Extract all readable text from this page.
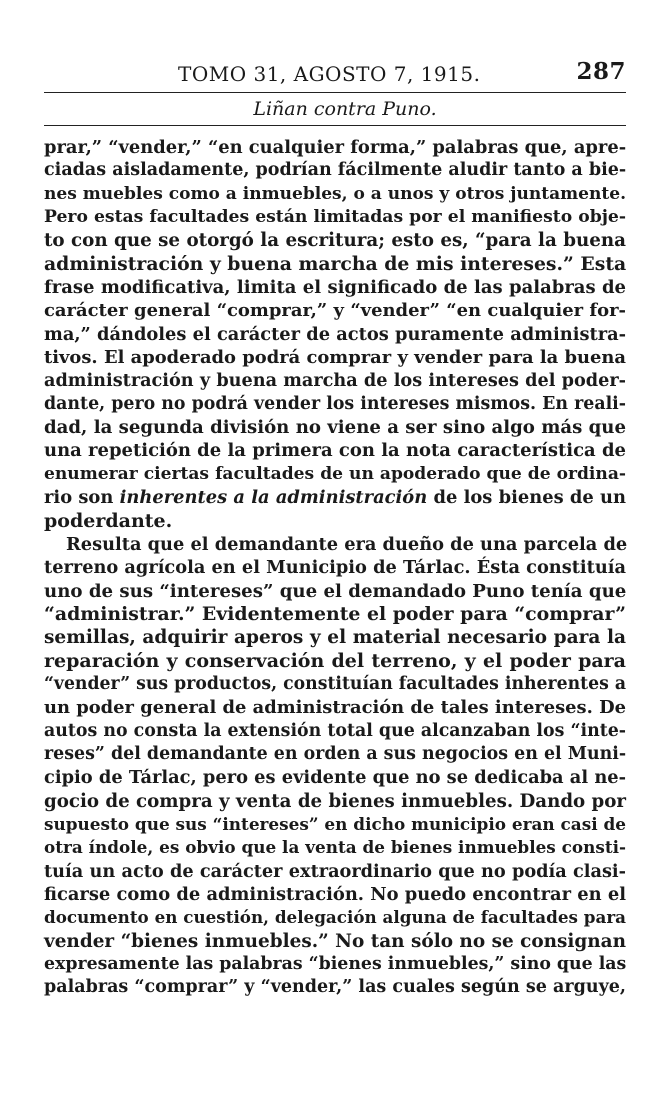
TOMO 31, AGOSTO 7, 1915.	287
Liñan contra Puno.
prar,” “vender,” “en cualquier forma,” palabras que, apre-
ciadas aisladamente, podrían fácilmente aludir tanto a bie-
nes muebles como a inmuebles, o a unos y otros juntamente.
Pero estas facultades están limitadas por el manifiesto obje-
to con que se otorgó la escritura; esto es, “para la buena
administración y buena marcha de mis intereses.” Esta
frase modificativa, limita el significado de las palabras de
carácter general “comprar,” y “vender” “en cualquier for-
ma,” dándoles el carácter de actos puramente administra-
tivos. El apoderado podrá comprar y vender para la buena
administración y buena marcha de los intereses del poder-
dante, pero no podrá vender los intereses mismos. En reali-
dad, la segunda división no viene a ser sino algo más que
una repetición de la primera con la nota característica de
enumerar ciertas facultades de un apoderado que de ordina-
rio son inherentes a la administración de los bienes de un
poderdante.
Resulta que el demandante era dueño de una parcela de
terreno agrícola en el Municipio de Tárlac. Ésta constituía
uno de sus “intereses” que el demandado Puno tenía que
“administrar.” Evidentemente el poder para “comprar”
semillas, adquirir aperos y el material necesario para la
reparación y conservación del terreno, y el poder para
“vender” sus productos, constituían facultades inherentes a
un poder general de administración de tales intereses. De
autos no consta la extensión total que alcanzaban los “inte-
reses” del demandante en orden a sus negocios en el Muni-
cipio de Tárlac, pero es evidente que no se dedicaba al ne-
gocio de compra y venta de bienes inmuebles. Dando por
supuesto que sus “intereses” en dicho municipio eran casi de
otra índole, es obvio que la venta de bienes inmuebles consti-
tuía un acto de carácter extraordinario que no podía clasi-
ficarse como de administración. No puedo encontrar en el
documento en cuestión, delegación alguna de facultades para
vender “bienes inmuebles.” No tan sólo no se consignan
expresamente las palabras “bienes inmuebles,” sino que las
palabras “comprar” y “vender,” las cuales según se arguye,
